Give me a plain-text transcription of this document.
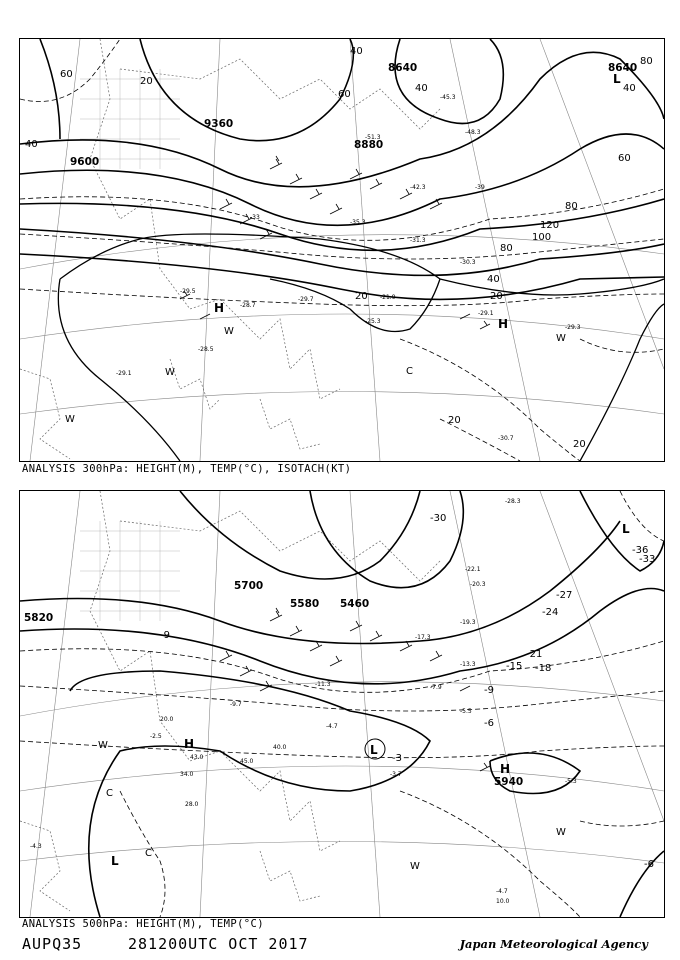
8640
8640
8880
9360
9600
20
20	20
20
20
40
40
40	40
40
60
60
60
80
80
80
120
100
L
H
H
-45.3
-51.3
-48.3
-42.3	-39
-35.3
-33
-31.3
-29.7
-28.7
-25.3
-21.9
-30.3
-29.1
-29.3
-30.7
-29.5
-28.5
-29.1
W
W
W
W
C
ANALYSIS 300hPa: HEIGHT(M), TEMP(°C), ISOTACH(KT)
5700
5580 5460
5820
5940
-36
-33
-30
-27
-24
-21
-18
-15
-9
-6
-6
-3
-9
L
L
H
H
L
-28.3
-22.1
-20.3
-19.3
-17.3
-13.3
-11.3
-9.7
-7.9
-5.5
-4.7
-3.7
-2.5
-5.3
-4.3
-4.7
45.0
43.0
40.0
34.0
28.0
20.0
10.0
W
W
W
C
C
ANALYSIS 500hPa: HEIGHT(M), TEMP(°C)
AUPQ35	281200UTC OCT 2017	Japan Meteorological Agency
